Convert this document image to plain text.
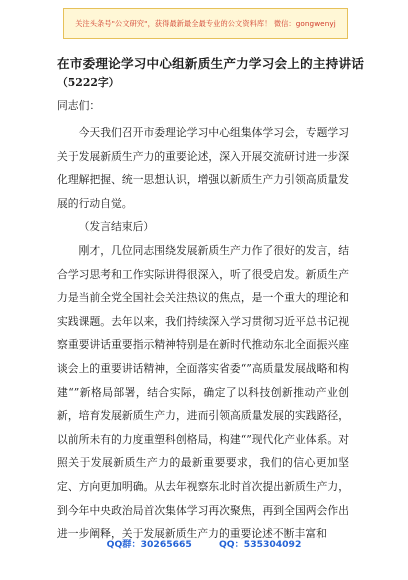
关注头条号"公文研究"，获得最新最全最专业的公文资料库！ 微信：gongwenyj
在市委理论学习中心组新质生产力学习会上的主持讲话
（5222字）
同志们：

今天我们召开市委理论学习中心组集体学习会，专题学习关于发展新质生产力的重要论述，深入开展交流研讨进一步深化理解把握、统一思想认识，增强以新质生产力引领高质量发展的行动自觉。

（发言结束后）

刚才，几位同志围绕发展新质生产力作了很好的发言，结合学习思考和工作实际讲得很深入，听了很受启发。新质生产力是当前全党全国社会关注热议的焦点，是一个重大的理论和实践课题。去年以来，我们持续深入学习贯彻习近平总书记视察重要讲话重要指示精神特别是在新时代推动东北全面振兴座谈会上的重要讲话精神，全面落实省委“”高质量发展战略和构建“”新格局部署，结合实际，确定了以科技创新推动产业创新，培育发展新质生产力，进而引领高质量发展的实践路径，以前所未有的力度重塑科创格局，构建“”现代化产业体系。对照关于发展新质生产力的最新重要要求，我们的信心更加坚定、方向更加明确。从去年视察东北时首次提出新质生产力，到今年中央政治局首次集体学习再次聚焦，再到全国两会作出进一步阐释，关于发展新质生产力的重要论述不断丰富和

QQ群：30265665	QQ：535304092
